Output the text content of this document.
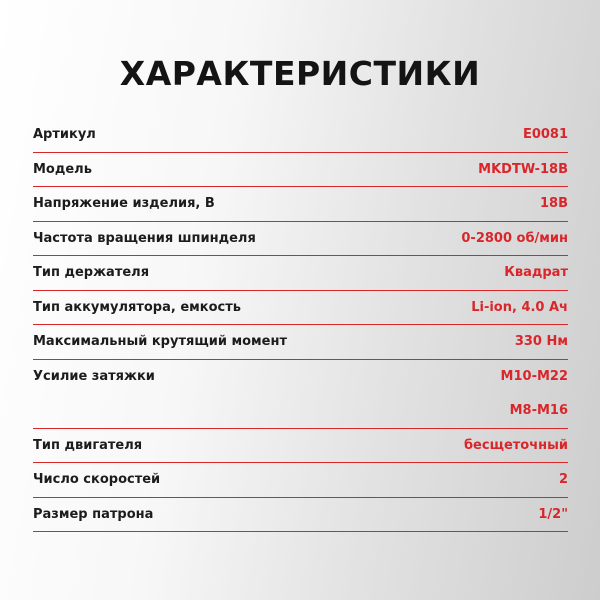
ХАРАКТЕРИСТИКИ
Артикул	E0081
Модель	MKDTW-18B
Напряжение изделия, В	18В
Частота вращения шпинделя	0-2800 об/мин
Тип держателя	Квадрат
Тип аккумулятора, емкость	Li-ion, 4.0 Ач
Максимальный крутящий момент	330 Нм
Усилие затяжки	M10-M22
M8-M16
Тип двигателя	бесщеточный
Число скоростей	2
Размер патрона	1/2"
